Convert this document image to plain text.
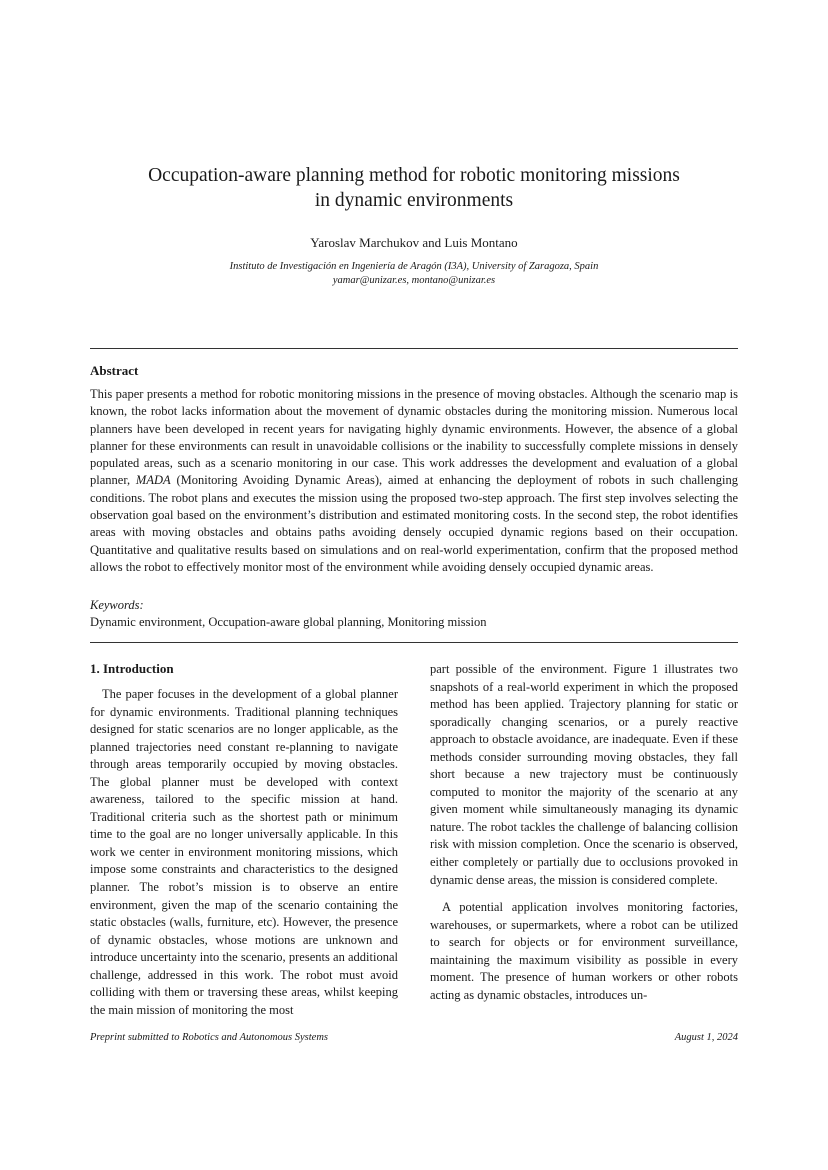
Occupation-aware planning method for robotic monitoring missions
in dynamic environments
Yaroslav Marchukov and Luis Montano
Instituto de Investigación en Ingeniería de Aragón (I3A), University of Zaragoza, Spain
yamar@unizar.es, montano@unizar.es
Abstract

This paper presents a method for robotic monitoring missions in the presence of moving obstacles. Although the scenario map is known, the robot lacks information about the movement of dynamic obstacles during the monitoring mission. Numerous local planners have been developed in recent years for navigating highly dynamic environments. However, the absence of a global planner for these environments can result in unavoidable collisions or the inability to successfully complete missions in densely populated areas, such as a scenario monitoring in our case. This work addresses the development and evaluation of a global planner, MADA (Monitoring Avoiding Dynamic Areas), aimed at enhancing the deployment of robots in such challenging conditions. The robot plans and executes the mission using the proposed two-step approach. The first step involves selecting the observation goal based on the environment’s distribution and estimated monitoring costs. In the second step, the robot identifies areas with moving obstacles and obtains paths avoiding densely occupied dynamic regions based on their occupation. Quantitative and qualitative results based on simulations and on real-world experimentation, confirm that the proposed method allows the robot to effectively monitor most of the environment while avoiding densely occupied dynamic areas.

Keywords:
Dynamic environment, Occupation-aware global planning, Monitoring mission
1. Introduction

The paper focuses in the development of a global planner for dynamic environments. Traditional planning techniques designed for static scenarios are no longer applicable, as the planned trajectories need constant re-planning to navigate through areas temporarily occupied by moving obstacles. The global planner must be developed with context awareness, tailored to the specific mission at hand. Traditional criteria such as the shortest path or minimum time to the goal are no longer universally applicable. In this work we center in environment monitoring missions, which impose some constraints and characteristics to the designed planner. The robot’s mission is to observe an entire environment, given the map of the scenario containing the static obstacles (walls, furniture, etc). However, the presence of dynamic obstacles, whose motions are unknown and introduce uncertainty into the scenario, presents an additional challenge, addressed in this work. The robot must avoid colliding with them or traversing these areas, whilst keeping the main mission of monitoring the most

part possible of the environment. Figure 1 illustrates two snapshots of a real-world experiment in which the proposed method has been applied. Trajectory planning for static or sporadically changing scenarios, or a purely reactive approach to obstacle avoidance, are inadequate. Even if these methods consider surrounding moving obstacles, they fall short because a new trajectory must be continuously computed to monitor the majority of the scenario at any given moment while simultaneously managing its dynamic nature. The robot tackles the challenge of balancing collision risk with mission completion. Once the scenario is observed, either completely or partially due to occlusions provoked in dynamic dense areas, the mission is considered complete.

A potential application involves monitoring factories, warehouses, or supermarkets, where a robot can be utilized to search for objects or for environment surveillance, maintaining the maximum visibility as possible in every moment. The presence of human workers or other robots acting as dynamic obstacles, introduces un-

Preprint submitted to Robotics and Autonomous Systems	August 1, 2024
